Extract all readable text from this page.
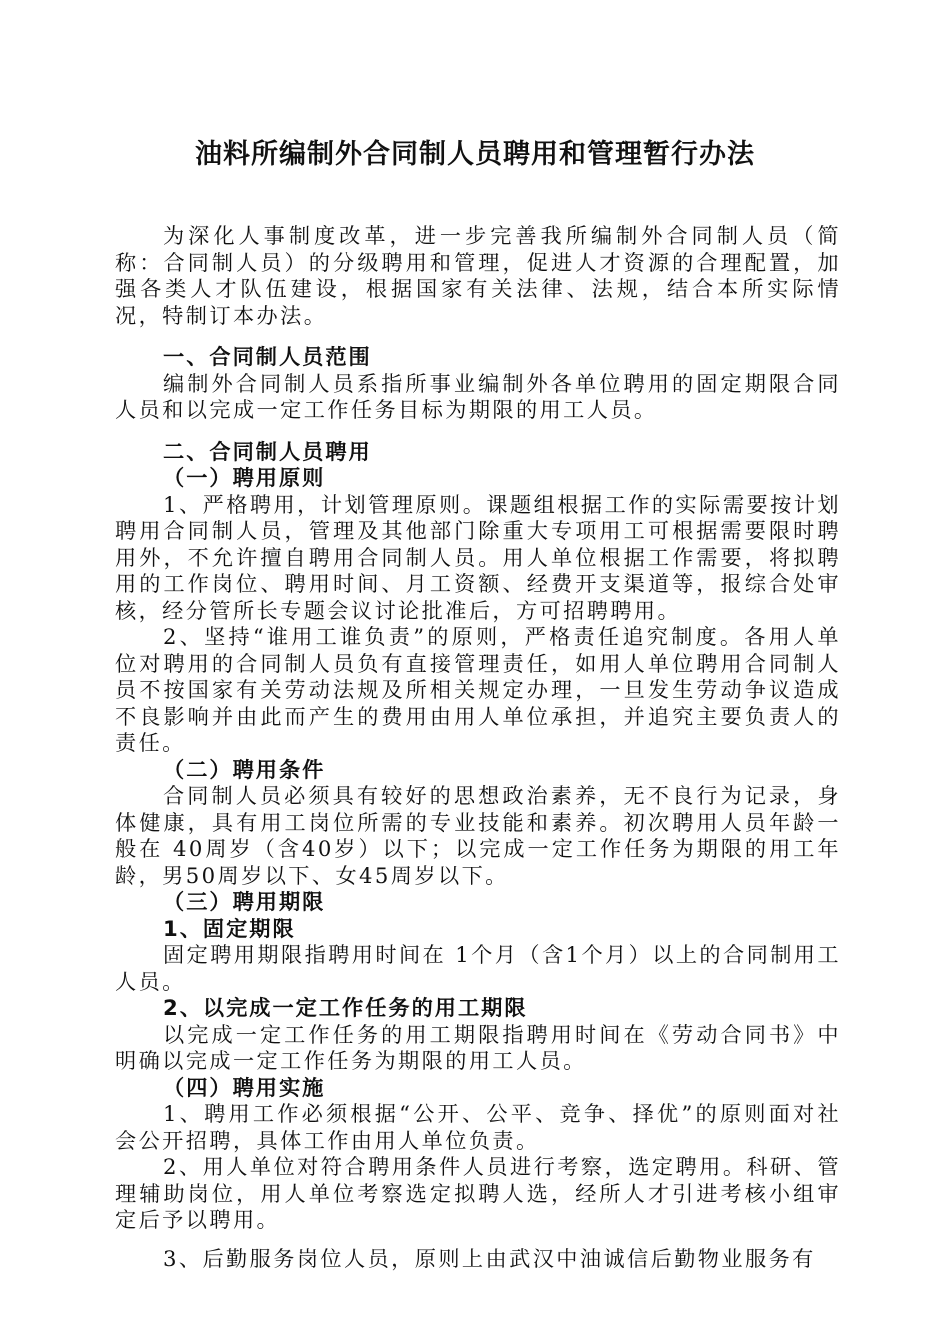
油料所编制外合同制人员聘用和管理暂行办法

为深化人事制度改革，进一步完善我所编制外合同制人员（简称：合同制人员）的分级聘用和管理，促进人才资源的合理配置，加强各类人才队伍建设，根据国家有关法律、法规，结合本所实际情况，特制订本办法。

一、合同制人员范围

编制外合同制人员系指所事业编制外各单位聘用的固定期限合同人员和以完成一定工作任务目标为期限的用工人员。

二、合同制人员聘用

（一）聘用原则

1、严格聘用，计划管理原则。课题组根据工作的实际需要按计划聘用合同制人员，管理及其他部门除重大专项用工可根据需要限时聘用外，不允许擅自聘用合同制人员。用人单位根据工作需要，将拟聘用的工作岗位、聘用时间、月工资额、经费开支渠道等，报综合处审核，经分管所长专题会议讨论批准后，方可招聘聘用。

2、坚持“谁用工谁负责”的原则，严格责任追究制度。各用人单位对聘用的合同制人员负有直接管理责任，如用人单位聘用合同制人员不按国家有关劳动法规及所相关规定办理，一旦发生劳动争议造成不良影响并由此而产生的费用由用人单位承担，并追究主要负责人的责任。

（二）聘用条件

合同制人员必须具有较好的思想政治素养，无不良行为记录，身体健康，具有用工岗位所需的专业技能和素养。初次聘用人员年龄一般在 40周岁（含40岁）以下；以完成一定工作任务为期限的用工年龄，男50周岁以下、女45周岁以下。

（三）聘用期限

1、固定期限

固定聘用期限指聘用时间在 1个月（含1个月）以上的合同制用工人员。

2、以完成一定工作任务的用工期限

以完成一定工作任务的用工期限指聘用时间在《劳动合同书》中明确以完成一定工作任务为期限的用工人员。

（四）聘用实施

1、聘用工作必须根据“公开、公平、竞争、择优”的原则面对社会公开招聘，具体工作由用人单位负责。

2、用人单位对符合聘用条件人员进行考察，选定聘用。科研、管理辅助岗位，用人单位考察选定拟聘人选，经所人才引进考核小组审定后予以聘用。

3、后勤服务岗位人员，原则上由武汉中油诚信后勤物业服务有
